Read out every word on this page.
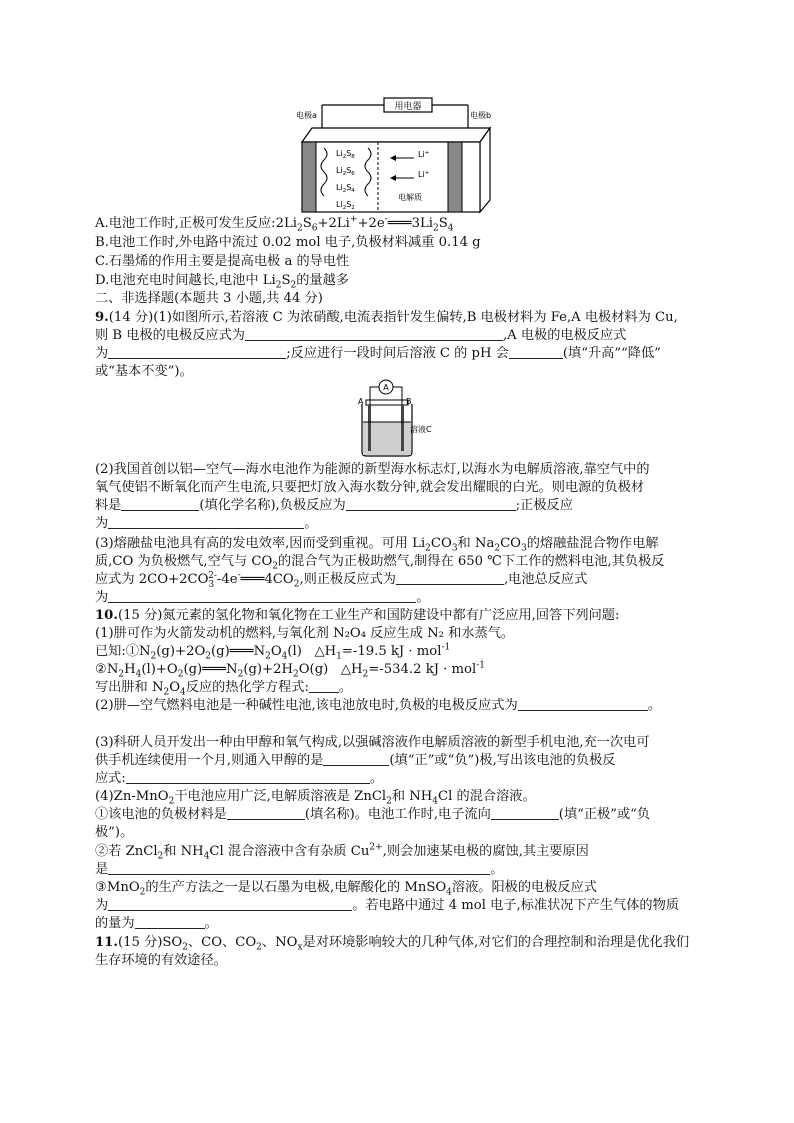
用电器
电极a	电极b
$Li_2S_8$
$Li_2S_6$
$Li_2S_4$
$Li_2S_2$
Li+
Li+
电解质
A.电池工作时,正极可发生反应$:2Li_2S_6+2Li^++2e^-═══3Li_2S_4$
B.电池工作时,外电路中流过 0.02 mol 电子,负极材料减重 0.14 g
C.石墨烯的作用主要是提高电极 a 的导电性
D.电池充电时间越长,电池中 $Li_2S_2$的量越多
二、非选择题(本题共 3 小题,共 44 分)
9.(14 分)(1)如图所示,若溶液 C 为浓硝酸,电流表指针发生偏转,B 电极材料为 Fe,A 电极材料为 Cu,
则 B 电极的电极反应式为	,A 电极的电极反应式
为	;反应进行一段时间后溶液 C 的 pH 会	(填“升高”“降低”
或“基本不变”)。
A
A	B
溶液C
(2)我国首创以铝—空气—海水电池作为能源的新型海水标志灯,以海水为电解质溶液,靠空气中的
氧气使铝不断氧化而产生电流,只要把灯放入海水数分钟,就会发出耀眼的白光。则电源的负极材
料是	(填化学名称),负极反应为	;正极反应
为	。
(3)熔融盐电池具有高的发电效率,因而受到重视。可用 $Li_2CO_3$和 $Na_2CO_3$的熔融盐混合物作电解
质,CO 为负极燃气,空气与 $CO_2$的混合气为正极助燃气,制得在 650 ℃下工作的燃料电池,其负极反
应式为 $2CO+2CO_3^{2-}-4e^-═══4CO_2$,则正极反应式为	,电池总反应式
为	。
10.(15 分)氮元素的氢化物和氧化物在工业生产和国防建设中都有广泛应用,回答下列问题:
(1)肼可作为火箭发动机的燃料,与氧化剂 N₂O₄ 反应生成 N₂ 和水蒸气。
已知$:①N_2(g)+2O_2(g)═══N_2O_4(l)$ $\triangle H_1=-19.5$ kJ · mol$^{-1}$
$②N_2H_4(l)+O_2(g)═══N_2(g)+2H_2O(g)$ $\triangle H_2=-534.2$ kJ · mol$^{-1}$
写出肼和 $N_2O_4$反应的热化学方程式: 。
(2)肼—空气燃料电池是一种碱性电池,该电池放电时,负极的电极反应式为	。
(3)科研人员开发出一种由甲醇和氧气构成,以强碱溶液作电解质溶液的新型手机电池,充一次电可
供手机连续使用一个月,则通入甲醇的是	(填“正”或“负”)极,写出该电池的负极反
应式:	。
(4)Zn-MnO$_2$干电池应用广泛,电解质溶液是 ZnCl$_2$和 $NH_4Cl$ 的混合溶液。
①该电池的负极材料是	(填名称)。电池工作时,电子流向	(填“正极”或“负
极”)。
②若 ZnCl$_2$和 $NH_4Cl$ 混合溶液中含有杂质 $Cu^{2+}$,则会加速某电极的腐蚀,其主要原因
是	。
③MnO$_2$的生产方法之一是以石墨为电极,电解酸化的 MnSO$_4$溶液。阳极的电极反应式
为	。若电路中通过 4 mol 电子,标准状况下产生气体的物质
的量为	。
11.(15 分)$SO_2$、CO、$CO_2$、$NO_x$是对环境影响较大的几种气体,对它们的合理控制和治理是优化我们
生存环境的有效途径。
